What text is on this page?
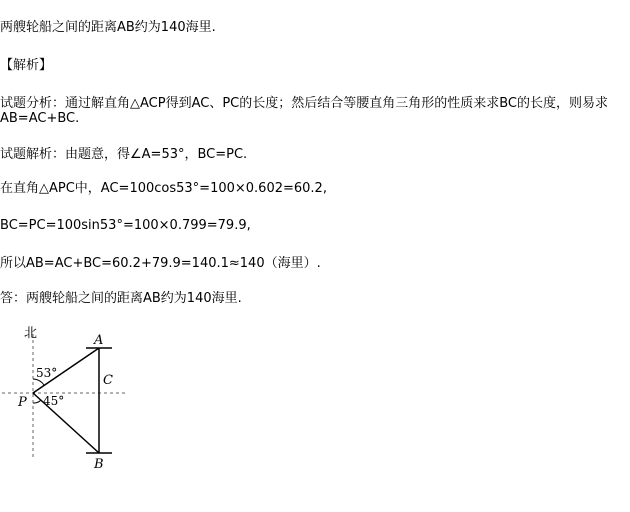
两艘轮船之间的距离AB约为140海里.
【解析】
试题分析：通过解直角△ACP得到AC、PC的长度；然后结合等腰直角三角形的性质来求BC的长度，则易求AB=AC+BC.
试题解析：由题意，得∠A=53°，BC=PC.
在直角△APC中，AC=100cos53°=100×0.602=60.2,
BC=PC=100sin53°=100×0.799=79.9,
所以AB=AC+BC=60.2+79.9=140.1≈140（海里）.
答：两艘轮船之间的距离AB约为140海里.
北
53°
45°
A
C
P
B
